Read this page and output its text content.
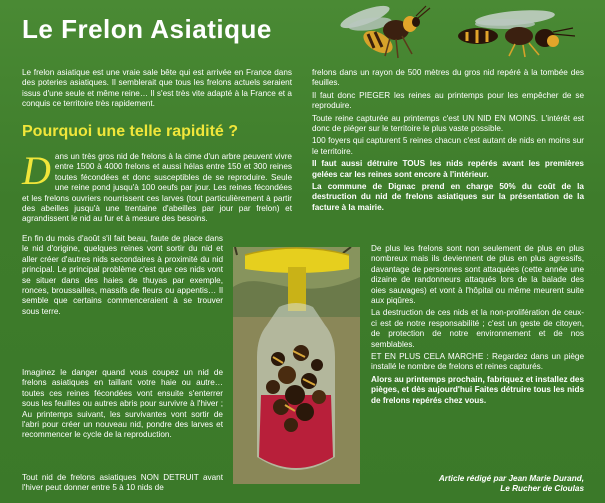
Le Frelon Asiatique

Le frelon asiatique est une vraie sale bête qui est arrivée en France dans des poteries asiatiques. Il semblerait que tous les frelons actuels seraient issus d'une seule et même reine… Il s'est très vite adapté à la France et a conquis ce territoire très rapidement.

Pourquoi une telle rapidité ?
D ans un très gros nid de frelons à la cime d'un arbre peuvent vivre entre 1500 à 4000 frelons et aussi hélas entre 150 et 300 reines toutes fécondées et donc susceptibles de se reproduire. Seule une reine pond jusqu'à 100 oeufs par jour. Les reines fécondées et les frelons ouvriers nourrissent ces larves (tout particulièrement à partir des abeilles jusqu'à une trentaine d'abeilles par jour par frelon) et agrandissent le nid au fur et à mesure des besoins.

En fin du mois d'août s'il fait beau, faute de place dans le nid d'origine, quelques reines vont sortir du nid et aller créer d'autres nids secondaires à proximité du nid principal. Le principal problème c'est que ces nids vont se situer dans des haies de thuyas par exemple, ronces, broussailles, massifs de fleurs ou appentis… Il semble que certains commenceraient à se trouver sous terre.

Imaginez le danger quand vous coupez un nid de frelons asiatiques en taillant votre haie ou autre… toutes ces reines fécondées vont ensuite s'enterrer sous les feuilles ou autres abris pour survivre à l'hiver ; Au printemps suivant, les survivantes vont sortir de l'abri pour créer un nouveau nid, pondre des larves et recommencer le cycle de la reproduction.

Tout nid de frelons asiatiques NON DETRUIT avant l'hiver peut donner entre 5 à 10 nids de

frelons dans un rayon de 500 mètres du gros nid repéré à la tombée des feuilles.

Il faut donc PIEGER les reines au printemps pour les empêcher de se reproduire.

Toute reine capturée au printemps c'est UN NID EN MOINS. L'intérêt est donc de piéger sur le territoire le plus vaste possible.

100 foyers qui capturent 5 reines chacun c'est autant de nids en moins sur le territoire.

Il faut aussi détruire TOUS les nids repérés avant les premières gelées car les reines sont encore à l'intérieur.

La commune de Dignac prend en charge 50% du coût de la destruction du nid de frelons asiatiques sur la présentation de la facture à la mairie.

De plus les frelons sont non seulement de plus en plus nombreux mais ils deviennent de plus en plus agressifs, davantage de personnes sont attaquées (cette année une dizaine de randonneurs attaqués lors de la balade des oies sauvages) et vont à l'hôpital ou même meurent suite aux piqûres.

La destruction de ces nids et la non-prolifération de ceux-ci est de notre responsabilité ; c'est un geste de citoyen, de protection de notre environnement et de nos semblables.

ET EN PLUS CELA MARCHE : Regardez dans un piège installé le nombre de frelons et reines capturés.

Alors au printemps prochain, fabriquez et installez des pièges, et dès aujourd'hui Faites détruire tous les nids de frelons repérés chez vous.

Article rédigé par Jean Marie Durand,
Le Rucher de Cloulas
